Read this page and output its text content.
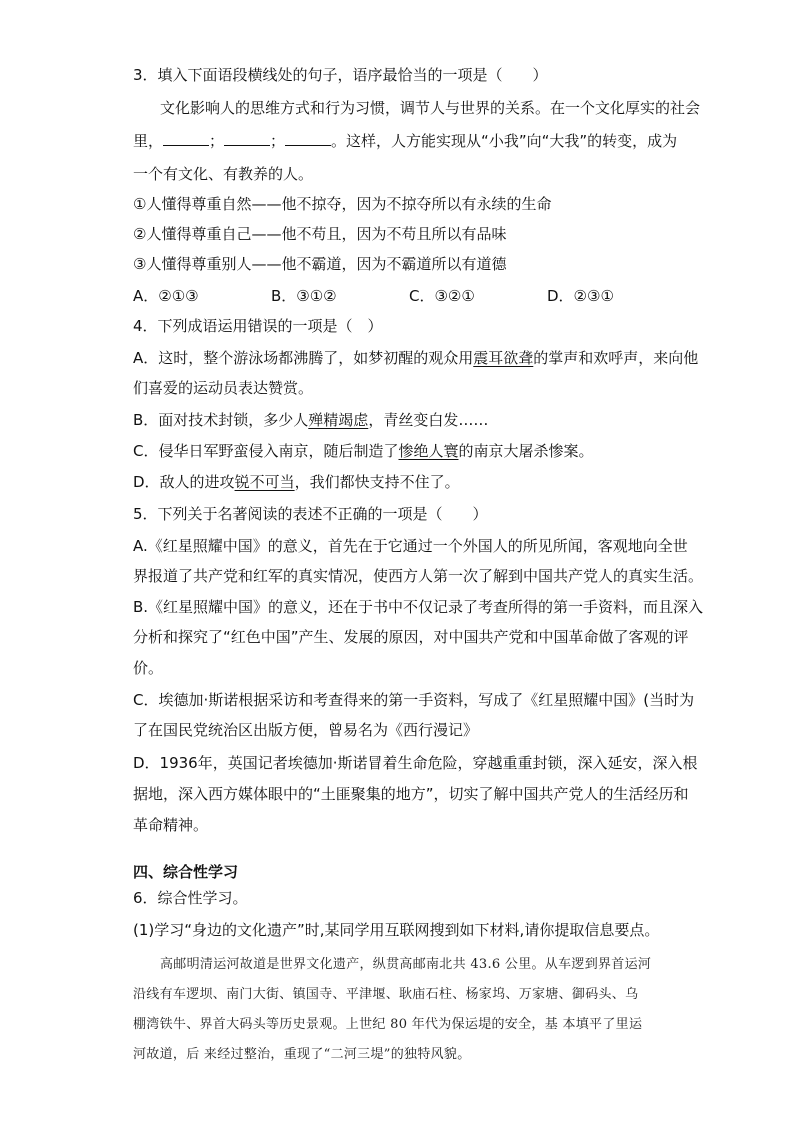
3．填入下面语段横线处的句子，语序最恰当的一项是（　　）
文化影响人的思维方式和行为习惯，调节人与世界的关系。在一个文化厚实的社会
里，	；	；	。这样，人方能实现从“小我”向“大我”的转变，成为
一个有文化、有教养的人。
①人懂得尊重自然——他不掠夺，因为不掠夺所以有永续的生命
②人懂得尊重自己——他不苟且，因为不苟且所以有品味
③人懂得尊重别人——他不霸道，因为不霸道所以有道德
A．②①③	B．③①②	C．③②①	D．②③①
4．下列成语运用错误的一项是（　）
A．这时，整个游泳场都沸腾了，如梦初醒的观众用震耳欲聋的掌声和欢呼声，来向他
们喜爱的运动员表达赞赏。
B．面对技术封锁，多少人殚精竭虑，青丝变白发……
C．侵华日军野蛮侵入南京，随后制造了惨绝人寰的南京大屠杀惨案。
D．敌人的进攻锐不可当，我们都快支持不住了。
5．下列关于名著阅读的表述不正确的一项是（　　）
A.《红星照耀中国》的意义，首先在于它通过一个外国人的所见所闻，客观地向全世
界报道了共产党和红军的真实情况，使西方人第一次了解到中国共产党人的真实生活。
B.《红星照耀中国》的意义，还在于书中不仅记录了考查所得的第一手资料，而且深入
分析和探究了“红色中国”产生、发展的原因，对中国共产党和中国革命做了客观的评
价。
C．埃德加·斯诺根据采访和考查得来的第一手资料，写成了《红星照耀中国》(当时为
了在国民党统治区出版方便，曾易名为《西行漫记》
D．1936年，英国记者埃德加·斯诺冒着生命危险，穿越重重封锁，深入延安，深入根
据地，深入西方媒体眼中的“土匪聚集的地方”，切实了解中国共产党人的生活经历和
革命精神。
四、综合性学习
6．综合性学习。
(1)学习“身边的文化遗产”时,某同学用互联网搜到如下材料,请你提取信息要点。
高邮明清运河故道是世界文化遗产，纵贯高邮南北共 43.6 公里。从车逻到界首运河
沿线有车逻坝、南门大街、镇国寺、平津堰、耿庙石柱、杨家坞、万家塘、御码头、乌
棚湾铁牛、界首大码头等历史景观。上世纪 80 年代为保运堤的安全，基 本填平了里运
河故道，后 来经过整治，重现了“二河三堤”的独特风貌。
